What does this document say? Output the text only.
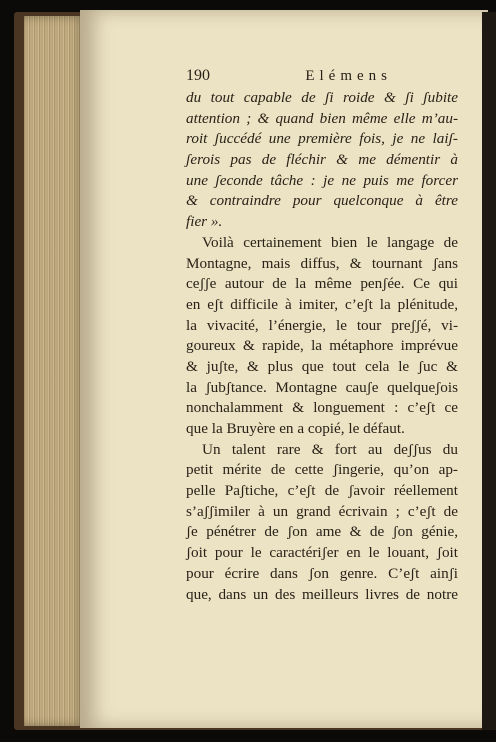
190	Elémens
du tout capable de ʃi roide & ʃi ʃubite
attention ; & quand bien même elle m’au-
roit ʃuccédé une première fois, je ne laiʃ-
ʃerois pas de fléchir & me démentir à
une ʃeconde tâche : je ne puis me forcer
& contraindre pour quelconque à être
fier ».
Voilà certainement bien le langage de
Montagne, mais diffus, & tournant ʃans
ceʃʃe autour de la même penʃée. Ce qui
en eʃt difficile à imiter, c’eʃt la plénitude,
la vivacité, l’énergie, le tour preʃʃé, vi-
goureux & rapide, la métaphore imprévue
& juʃte, & plus que tout cela le ʃuc &
la ʃubʃtance. Montagne cauʃe quelqueʃois
nonchalamment & longuement : c’eʃt ce
que la Bruyère en a copié, le défaut.
Un talent rare & fort au deʃʃus du
petit mérite de cette ʃingerie, qu’on ap-
pelle Paʃtiche, c’eʃt de ʃavoir réellement
s’aʃʃimiler à un grand écrivain ; c’eʃt de
ʃe pénétrer de ʃon ame & de ʃon génie,
ʃoit pour le caractériʃer en le louant, ʃoit
pour écrire dans ʃon genre. C’eʃt ainʃi
que, dans un des meilleurs livres de notre
